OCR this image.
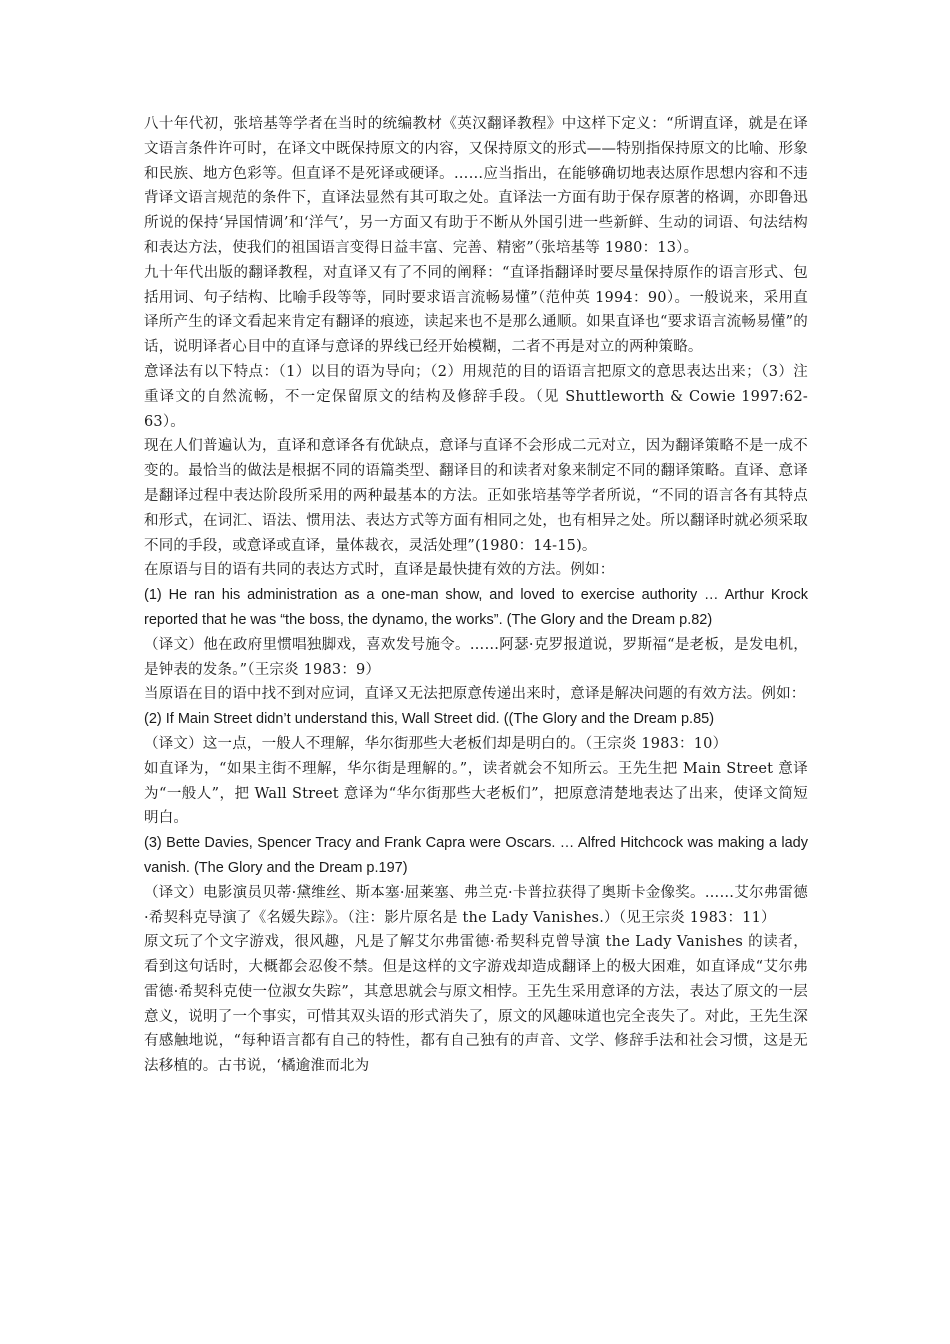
八十年代初，张培基等学者在当时的统编教材《英汉翻译教程》中这样下定义：“所谓直译，就是在译文语言条件许可时，在译文中既保持原文的内容，又保持原文的形式——特别指保持原文的比喻、形象和民族、地方色彩等。但直译不是死译或硬译。……应当指出，在能够确切地表达原作思想内容和不违背译文语言规范的条件下，直译法显然有其可取之处。直译法一方面有助于保存原著的格调，亦即鲁迅所说的保持‘异国情调’和‘洋气’，另一方面又有助于不断从外国引进一些新鲜、生动的词语、句法结构和表达方法，使我们的祖国语言变得日益丰富、完善、精密”（张培基等 1980：13）。

九十年代出版的翻译教程，对直译又有了不同的阐释：“直译指翻译时要尽量保持原作的语言形式、包括用词、句子结构、比喻手段等等，同时要求语言流畅易懂”（范仲英 1994：90）。一般说来，采用直译所产生的译文看起来肯定有翻译的痕迹，读起来也不是那么通顺。如果直译也“要求语言流畅易懂”的话，说明译者心目中的直译与意译的界线已经开始模糊，二者不再是对立的两种策略。

意译法有以下特点：（1）以目的语为导向；（2）用规范的目的语语言把原文的意思表达出来；（3）注重译文的自然流畅，不一定保留原文的结构及修辞手段。（见 Shuttleworth & Cowie 1997:62-63）。

现在人们普遍认为，直译和意译各有优缺点，意译与直译不会形成二元对立，因为翻译策略不是一成不变的。最恰当的做法是根据不同的语篇类型、翻译目的和读者对象来制定不同的翻译策略。直译、意译是翻译过程中表达阶段所采用的两种最基本的方法。正如张培基等学者所说，“不同的语言各有其特点和形式，在词汇、语法、惯用法、表达方式等方面有相同之处，也有相异之处。所以翻译时就必须采取不同的手段，或意译或直译，量体裁衣，灵活处理”(1980：14-15)。

在原语与目的语有共同的表达方式时，直译是最快捷有效的方法。例如：

(1) He ran his administration as a one-man show, and loved to exercise authority … Arthur Krock reported that he was “the boss, the dynamo, the works”. (The Glory and the Dream p.82)

（译文）他在政府里惯唱独脚戏，喜欢发号施令。……阿瑟·克罗报道说，罗斯福“是老板，是发电机，是钟表的发条。”（王宗炎 1983：9）

当原语在目的语中找不到对应词，直译又无法把原意传递出来时，意译是解决问题的有效方法。例如：

(2) If Main Street didn’t understand this, Wall Street did. ((The Glory and the Dream p.85)

（译文）这一点，一般人不理解，华尔街那些大老板们却是明白的。（王宗炎 1983：10）

如直译为，“如果主街不理解，华尔街是理解的。”，读者就会不知所云。王先生把 Main Street 意译为“一般人”，把 Wall Street 意译为“华尔街那些大老板们”，把原意清楚地表达了出来，使译文简短明白。

(3) Bette Davies, Spencer Tracy and Frank Capra were Oscars. … Alfred Hitchcock was making a lady vanish. (The Glory and the Dream p.197)

（译文）电影演员贝蒂·黛维丝、斯本塞·屈莱塞、弗兰克·卡普拉获得了奥斯卡金像奖。……艾尔弗雷德·希契科克导演了《名媛失踪》。（注：影片原名是 the Lady Vanishes.）（见王宗炎 1983：11）

原文玩了个文字游戏，很风趣，凡是了解艾尔弗雷德·希契科克曾导演 the Lady Vanishes 的读者，看到这句话时，大概都会忍俊不禁。但是这样的文字游戏却造成翻译上的极大困难，如直译成“艾尔弗雷德·希契科克使一位淑女失踪”，其意思就会与原文相悖。王先生采用意译的方法，表达了原文的一层意义，说明了一个事实，可惜其双头语的形式消失了，原文的风趣味道也完全丧失了。对此，王先生深有感触地说，“每种语言都有自己的特性，都有自己独有的声音、文学、修辞手法和社会习惯，这是无法移植的。古书说，‘橘逾淮而北为
